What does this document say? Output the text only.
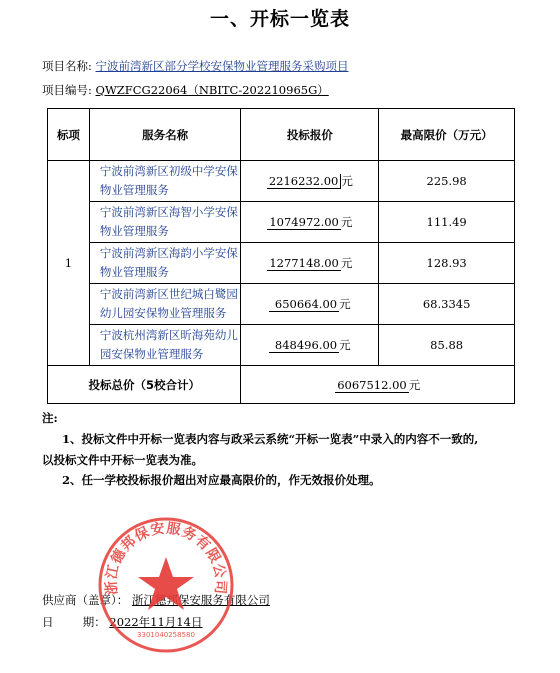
一、开标一览表
项目名称: 宁波前湾新区部分学校安保物业管理服务采购项目
项目编号: QWZFCG22064（NBITC-202210965G）
标项	服务名称	投标报价	最高限价（万元）
1	宁波前湾新区初级中学安保物业管理服务	2216232.00 元	225.98
	宁波前湾新区海智小学安保物业管理服务	1074972.00 元	111.49
	宁波前湾新区海韵小学安保物业管理服务	1277148.00 元	128.93
	宁波前湾新区世纪城白鹭园幼儿园安保物业管理服务	650664.00 元	68.3345
	宁波杭州湾新区昕海苑幼儿园安保物业管理服务	848496.00 元	85.88
投标总价（5校合计）		6067512.00 元	
注:
1、投标文件中开标一览表内容与政采云系统“开标一览表”中录入的内容不一致的,
以投标文件中开标一览表为准。
2、任一学校投标报价超出对应最高限价的，作无效报价处理。
供应商（盖章）： 浙江德邦保安服务有限公司
日        期： 2022年11月14日
浙江德邦保安服务有限公司
3301040258580
